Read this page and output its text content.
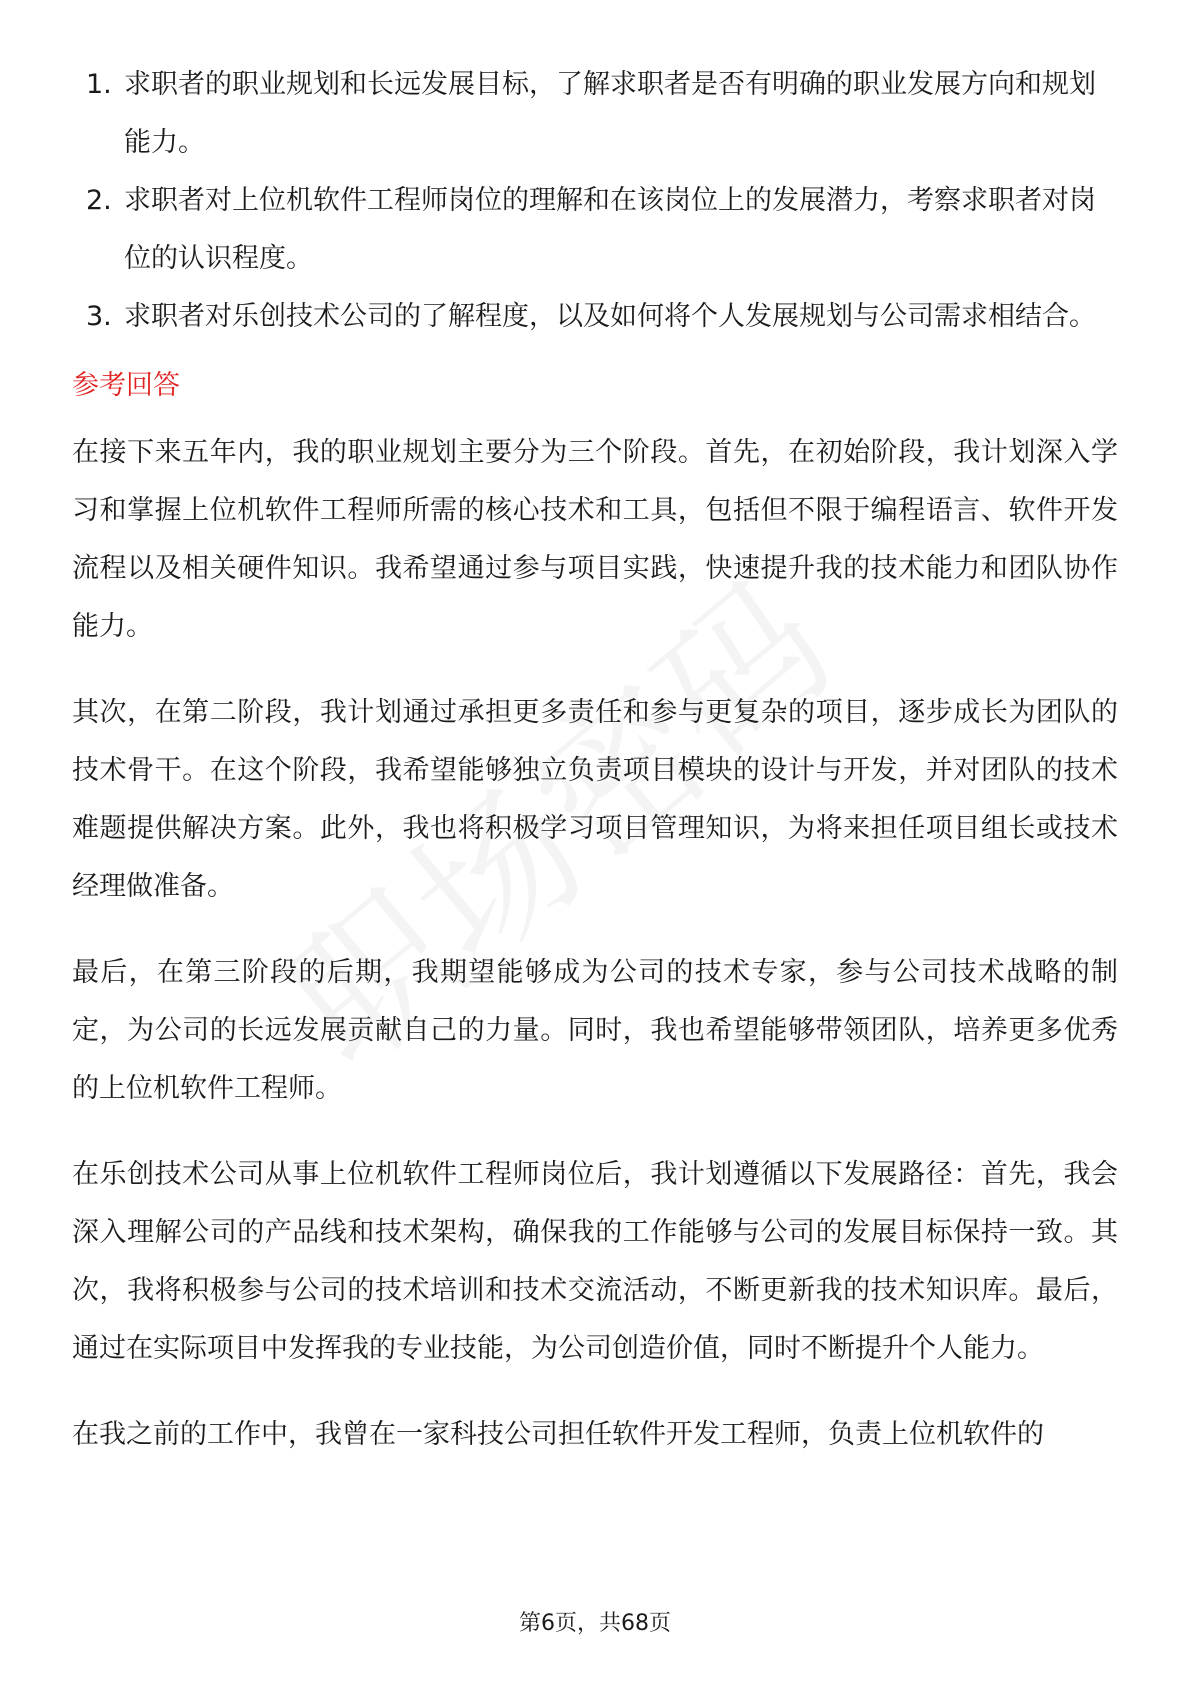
1. 求职者的职业规划和长远发展目标，了解求职者是否有明确的职业发展方向和规划能力。
2. 求职者对上位机软件工程师岗位的理解和在该岗位上的发展潜力，考察求职者对岗位的认识程度。
3. 求职者对乐创技术公司的了解程度，以及如何将个人发展规划与公司需求相结合。
参考回答

在接下来五年内，我的职业规划主要分为三个阶段。首先，在初始阶段，我计划深入学习和掌握上位机软件工程师所需的核心技术和工具，包括但不限于编程语言、软件开发流程以及相关硬件知识。我希望通过参与项目实践，快速提升我的技术能力和团队协作能力。

其次，在第二阶段，我计划通过承担更多责任和参与更复杂的项目，逐步成长为团队的技术骨干。在这个阶段，我希望能够独立负责项目模块的设计与开发，并对团队的技术难题提供解决方案。此外，我也将积极学习项目管理知识，为将来担任项目组长或技术经理做准备。

最后，在第三阶段的后期，我期望能够成为公司的技术专家，参与公司技术战略的制定，为公司的长远发展贡献自己的力量。同时，我也希望能够带领团队，培养更多优秀的上位机软件工程师。

在乐创技术公司从事上位机软件工程师岗位后，我计划遵循以下发展路径：首先，我会深入理解公司的产品线和技术架构，确保我的工作能够与公司的发展目标保持一致。其次，我将积极参与公司的技术培训和技术交流活动，不断更新我的技术知识库。最后，通过在实际项目中发挥我的专业技能，为公司创造价值，同时不断提升个人能力。

在我之前的工作中，我曾在一家科技公司担任软件开发工程师，负责上位机软件的

第6页，共68页
